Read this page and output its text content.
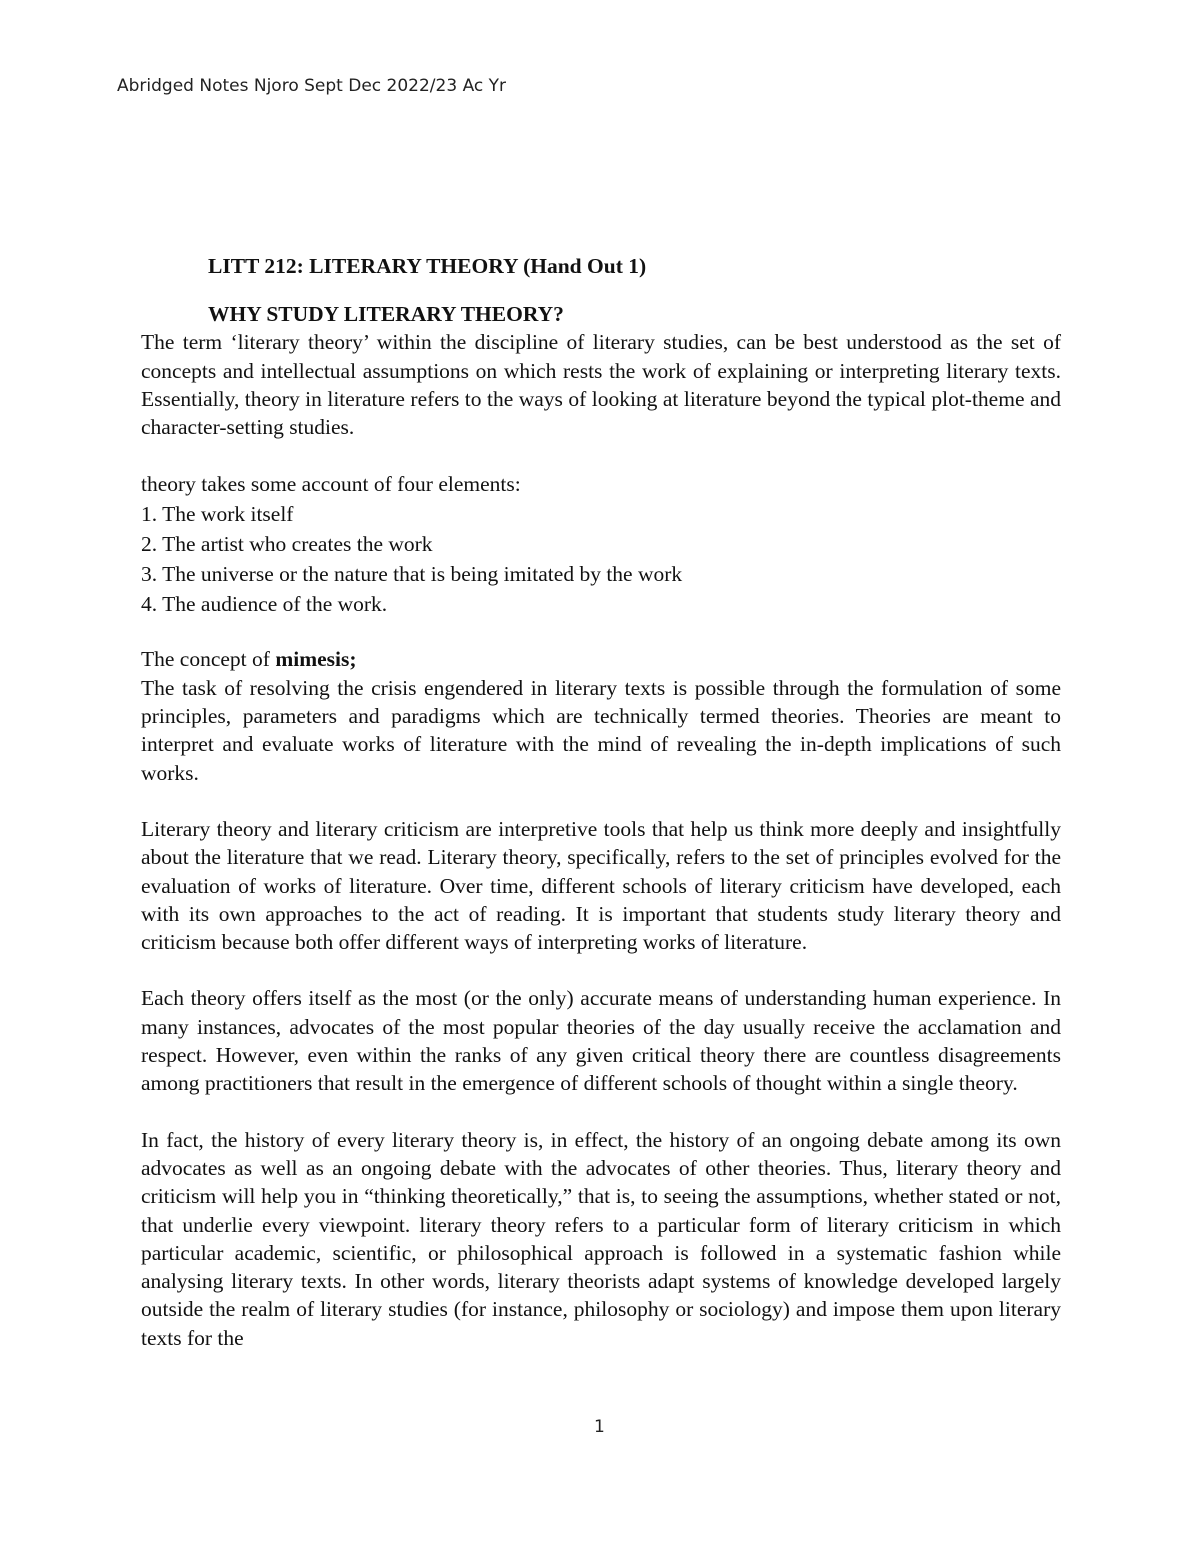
Abridged Notes Njoro Sept Dec 2022/23 Ac Yr
LITT 212: LITERARY THEORY (Hand Out 1)
WHY STUDY LITERARY THEORY?

The term ‘literary theory’ within the discipline of literary studies, can be best understood as the set of concepts and intellectual assumptions on which rests the work of explaining or interpreting literary texts. Essentially, theory in literature refers to the ways of looking at literature beyond the typical plot-theme and character-setting studies.

theory takes some account of four elements:
1. The work itself
2. The artist who creates the work
3. The universe or the nature that is being imitated by the work
4. The audience of the work.
The concept of mimesis;

The task of resolving the crisis engendered in literary texts is possible through the formulation of some principles, parameters and paradigms which are technically termed theories. Theories are meant to interpret and evaluate works of literature with the mind of revealing the in-depth implications of such works.

Literary theory and literary criticism are interpretive tools that help us think more deeply and insightfully about the literature that we read. Literary theory, specifically, refers to the set of principles evolved for the evaluation of works of literature. Over time, different schools of literary criticism have developed, each with its own approaches to the act of reading. It is important that students study literary theory and criticism because both offer different ways of interpreting works of literature.

Each theory offers itself as the most (or the only) accurate means of understanding human experience. In many instances, advocates of the most popular theories of the day usually receive the acclamation and respect. However, even within the ranks of any given critical theory there are countless disagreements among practitioners that result in the emergence of different schools of thought within a single theory.

In fact, the history of every literary theory is, in effect, the history of an ongoing debate among its own advocates as well as an ongoing debate with the advocates of other theories. Thus, literary theory and criticism will help you in “thinking theoretically,” that is, to seeing the assumptions, whether stated or not, that underlie every viewpoint. literary theory refers to a particular form of literary criticism in which particular academic, scientific, or philosophical approach is followed in a systematic fashion while analysing literary texts. In other words, literary theorists adapt systems of knowledge developed largely outside the realm of literary studies (for instance, philosophy or sociology) and impose them upon literary texts for the

1
